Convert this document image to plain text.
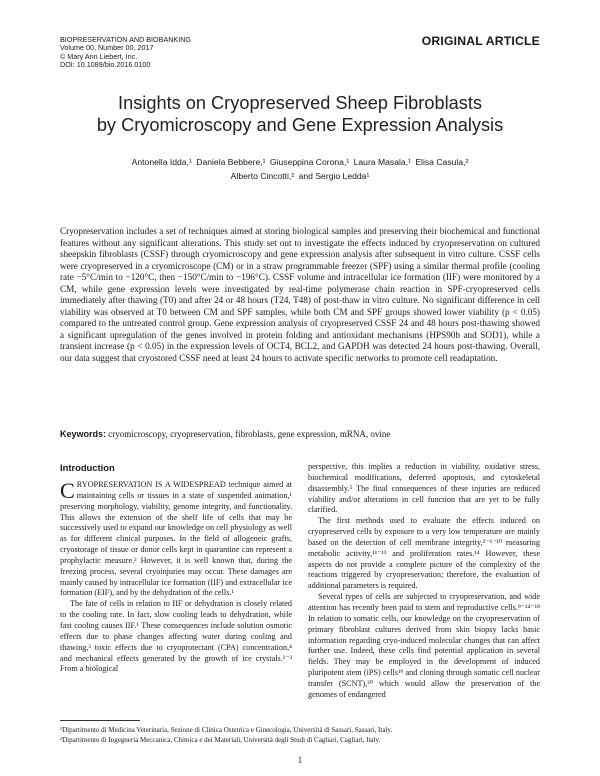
BIOPRESERVATION AND BIOBANKING
Volume 00, Number 00, 2017
© Mary Ann Liebert, Inc.
DOI: 10.1089/bio.2016.0100
ORIGINAL ARTICLE
Insights on Cryopreserved Sheep Fibroblasts
by Cryomicroscopy and Gene Expression Analysis
Antonella Idda,¹ Daniela Bebbere,¹ Giuseppina Corona,¹ Laura Masala,¹ Elisa Casula,²
Alberto Cincotti,² and Sergio Ledda¹
Cryopreservation includes a set of techniques aimed at storing biological samples and preserving their biochemical and functional features without any significant alterations. This study set out to investigate the effects induced by cryopreservation on cultured sheepskin fibroblasts (CSSF) through cryomicroscopy and gene expression analysis after subsequent in vitro culture. CSSF cells were cryopreserved in a cryomicroscope (CM) or in a straw programmable freezer (SPF) using a similar thermal profile (cooling rate −5°C/min to −120°C, then −150°C/min to −196°C). CSSF volume and intracellular ice formation (IIF) were monitored by a CM, while gene expression levels were investigated by real-time polymerase chain reaction in SPF-cryopreserved cells immediately after thawing (T0) and after 24 or 48 hours (T24, T48) of post-thaw in vitro culture. No significant difference in cell viability was observed at T0 between CM and SPF samples, while both CM and SPF groups showed lower viability (p < 0.05) compared to the untreated control group. Gene expression analysis of cryopreserved CSSF 24 and 48 hours post-thawing showed a significant upregulation of the genes involved in protein folding and antioxidant mechanisms (HPS90b and SOD1), while a transient increase (p < 0.05) in the expression levels of OCT4, BCL2, and GAPDH was detected 24 hours post-thawing. Overall, our data suggest that cryostored CSSF need at least 24 hours to activate specific networks to promote cell readaptation.
Keywords: cryomicroscopy, cryopreservation, fibroblasts, gene expression, mRNA, ovine
Introduction

CRYOPRESERVATION IS A WIDESPREAD technique aimed at maintaining cells or tissues in a state of suspended animation,¹ preserving morphology, viability, genome integrity, and functionality. This allows the extension of the shelf life of cells that may be successively used to expand our knowledge on cell physiology as well as for different clinical purposes. In the field of allogeneic grafts, cryostorage of tissue or donor cells kept in quarantine can represent a prophylactic measure.² However, it is well known that, during the freezing process, several cryoinjuries may occur. These damages are mainly caused by intracellular ice formation (IIF) and extracellular ice formation (EIF), and by the dehydration of the cells.¹

The fate of cells in relation to IIF or dehydration is closely related to the cooling rate. In fact, slow cooling leads to dehydration, while fast cooling causes IIF.¹ These consequences include solution osmotic effects due to phase changes affecting water during cooling and thawing,³ toxic effects due to cryoprotectant (CPA) concentration,⁴ and mechanical effects generated by the growth of ice crystals.¹⁻³ From a biological

perspective, this implies a reduction in viability, oxidative stress, biochemical modifications, deferred apoptosis, and cytoskeletal disassembly.⁵ The final consequences of these injuries are reduced viability and/or alterations in cell function that are yet to be fully clarified.

The first methods used to evaluate the effects induced on cryopreserved cells by exposure to a very low temperature are mainly based on the detection of cell membrane integrity,²⁻⁶⁻¹⁰ measuring metabolic activity,¹¹⁻¹³ and proliferation rates.¹⁴ However, these aspects do not provide a complete picture of the complexity of the reactions triggered by cryopreservation; therefore, the evaluation of additional parameters is required.

Several types of cells are subjected to cryopreservation, and wide attention has recently been paid to stem and reproductive cells.⁹⁻¹⁴⁻¹⁸ In relation to somatic cells, our knowledge on the cryopreservation of primary fibroblast cultures derived from skin biopsy lacks basic information regarding cryo-induced molecular changes that can affect further use. Indeed, these cells find potential application in several fields. They may be employed in the development of induced pluripotent stem (iPS) cells¹⁹ and cloning through somatic cell nuclear transfer (SCNT),²⁰ which would allow the preservation of the genomes of endangered

¹Dipartimento di Medicina Veterinaria, Sezione di Clinica Ostetrica e Ginecologia, Università di Sassari, Sassari, Italy.
²Dipartimento di Ingegneria Meccanica, Chimica e dei Materiali, Università degli Studi di Cagliari, Cagliari, Italy.
1
